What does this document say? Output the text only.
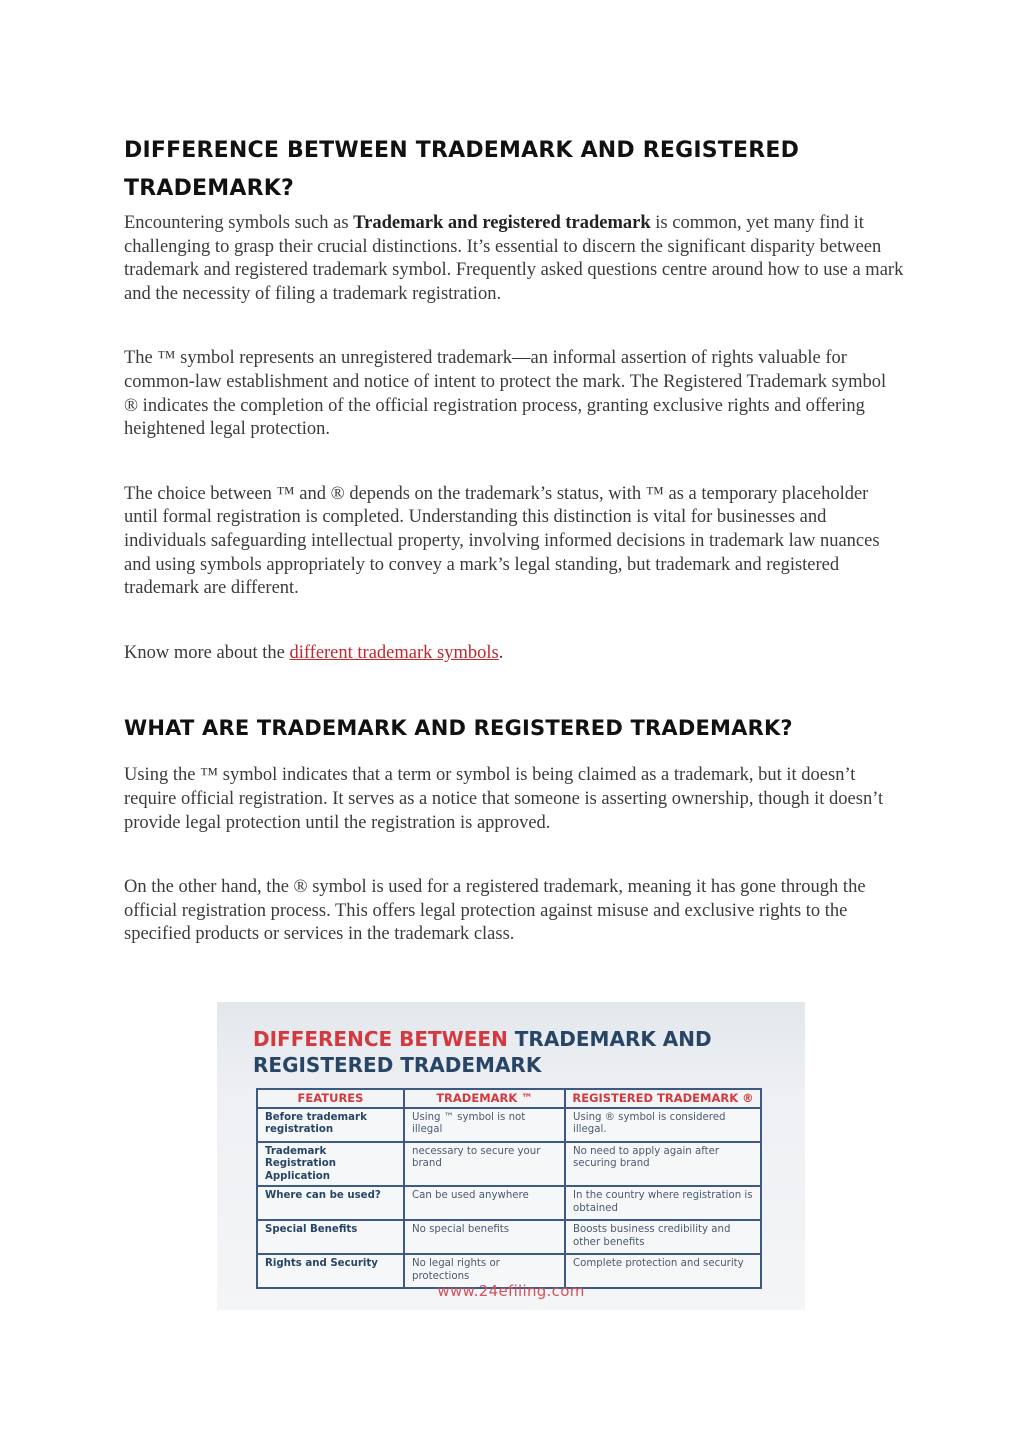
DIFFERENCE BETWEEN TRADEMARK AND REGISTERED TRADEMARK?

Encountering symbols such as Trademark and registered trademark is common, yet many find it challenging to grasp their crucial distinctions. It’s essential to discern the significant disparity between trademark and registered trademark symbol. Frequently asked questions centre around how to use a mark and the necessity of filing a trademark registration.

The ™ symbol represents an unregistered trademark—an informal assertion of rights valuable for common-law establishment and notice of intent to protect the mark. The Registered Trademark symbol ® indicates the completion of the official registration process, granting exclusive rights and offering heightened legal protection.

The choice between ™ and ® depends on the trademark’s status, with ™ as a temporary placeholder until formal registration is completed. Understanding this distinction is vital for businesses and individuals safeguarding intellectual property, involving informed decisions in trademark law nuances and using symbols appropriately to convey a mark’s legal standing, but trademark and registered trademark are different.

Know more about the different trademark symbols.

WHAT ARE TRADEMARK AND REGISTERED TRADEMARK?

Using the ™ symbol indicates that a term or symbol is being claimed as a trademark, but it doesn’t require official registration. It serves as a notice that someone is asserting ownership, though it doesn’t provide legal protection until the registration is approved.

On the other hand, the ® symbol is used for a registered trademark, meaning it has gone through the official registration process. This offers legal protection against misuse and exclusive rights to the specified products or services in the trademark class.

DIFFERENCE BETWEEN TRADEMARK AND
REGISTERED TRADEMARK
FEATURES	TRADEMARK ™	REGISTERED TRADEMARK ®
Before trademark registration	Using ™ symbol is not illegal	Using ® symbol is considered illegal.
Trademark Registration Application	necessary to secure your brand	No need to apply again after securing brand
Where can be used?	Can be used anywhere	In the country where registration is obtained
Special Benefits	No special benefits	Boosts business credibility and other benefits
Rights and Security	No legal rights or protections	Complete protection and security
www.24efiling.com
